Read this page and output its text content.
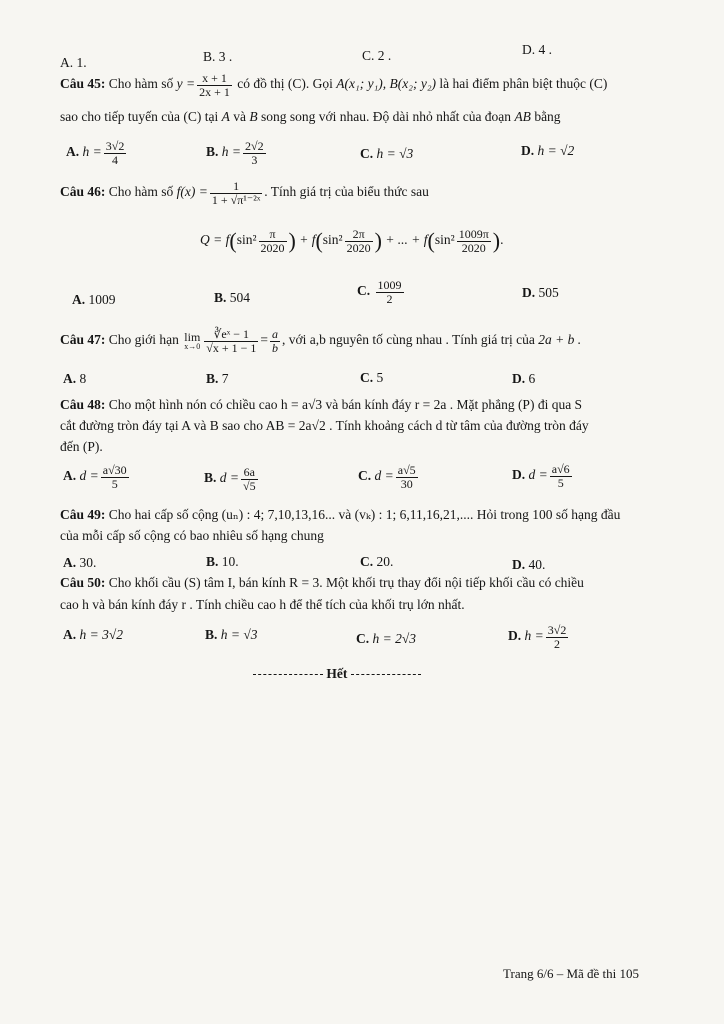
A. 1.	B. 3 .	C. 2 .	D. 4 .
Câu 45: Cho hàm số $y = \frac{x + 1}{2x + 1}$ có đồ thị (C). Gọi A(x₁; y₁), B(x₂; y₂) là hai điểm phân biệt thuộc (C)
sao cho tiếp tuyến của (C) tại A và B song song với nhau. Độ dài nhỏ nhất của đoạn AB bằng
A. $h = \frac{3√2}{4}$	B. $h = \frac{2√2}{3}$	C. h = √3	D. h = √2
Câu 46: Cho hàm số $f(x) = \frac{1}{\text{1 + √π¹⁻²ˣ}}$ . Tính giá trị của biểu thức sau
$Q = f(\sin^2 \frac{\pi}{2020}$ ) + $f(\sin^2 \frac{2\pi}{2020}$ ) + ... + $f(\sin^2 \frac{1009\pi}{2020}$ ).
A. 1009	B. 504	C. $\frac{1009}{2}$	D. 505
Câu 47: Cho giới hạn lim
$x\to 0 \frac{\text{∛eˣ − 1}}{√x + 1 - 1} = \frac{a}{b}$ , với a,b nguyên tố cùng nhau . Tính giá trị của 2a + b .
A. 8	B. 7	C. 5	D. 6
Câu 48: Cho một hình nón có chiều cao h = a√3 và bán kính đáy r = 2a . Mặt phẳng (P) đi qua S
cắt đường tròn đáy tại A và B sao cho AB = 2a√2 . Tính khoảng cách d từ tâm của đường tròn đáy
đến (P).
A. $d = \frac{a√30}{5}$	B. $d = \frac{6a}{√5}$	C. $d = \frac{a√5}{30}$	D. $d = \frac{a√6}{5}$
Câu 49: Cho hai cấp số cộng (uₙ) : 4; 7,10,13,16... và (vₖ) : 1; 6,11,16,21,.... Hỏi trong 100 số hạng đầu
của mỗi cấp số cộng có bao nhiêu số hạng chung
A. 30.	B. 10.	C. 20.	D. 40.
Câu 50: Cho khối cầu (S) tâm I, bán kính R = 3. Một khối trụ thay đổi nội tiếp khối cầu có chiều
cao h và bán kính đáy r . Tính chiều cao h để thể tích của khối trụ lớn nhất.
A. h = 3√2	B. h = √3	C. h = 2√3	D. $h = \frac{3√2}{2}$
Hết
Trang 6/6 – Mã đề thi 105
